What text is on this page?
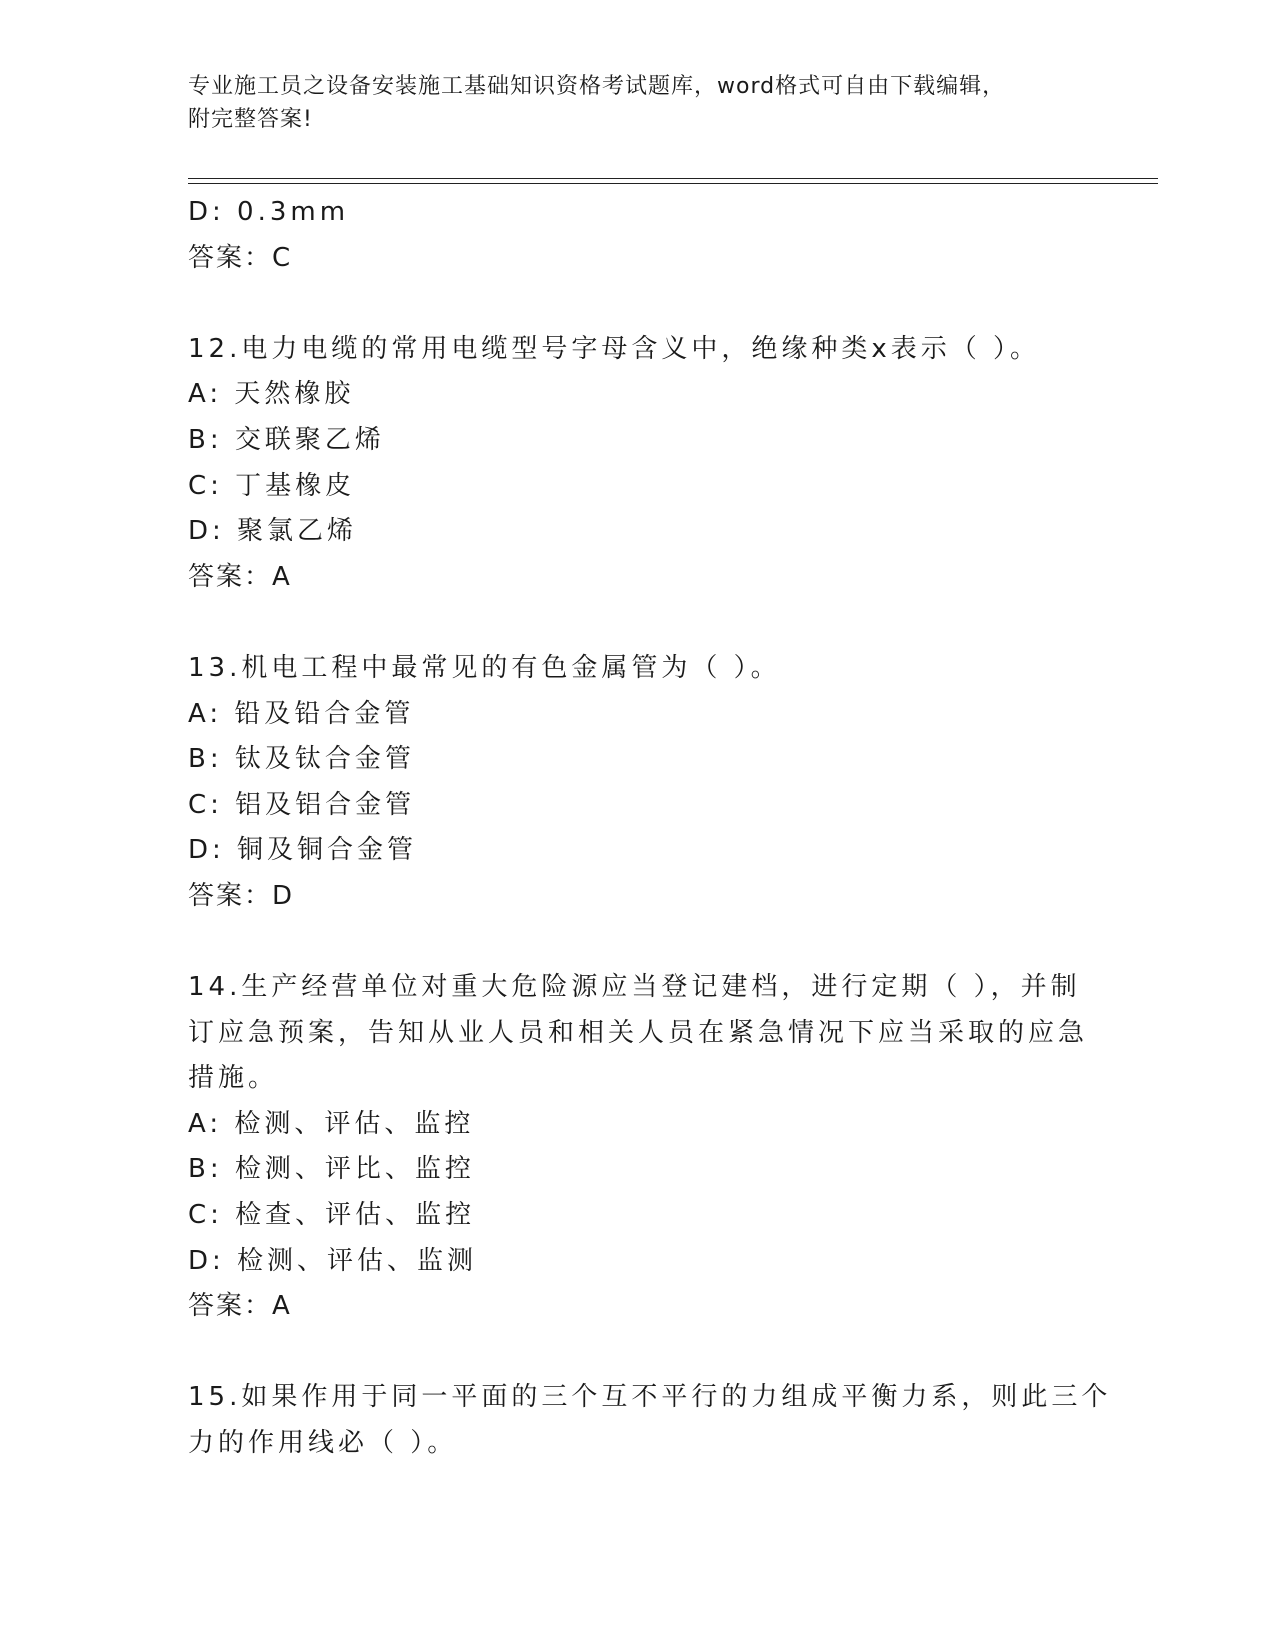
专业施工员之设备安装施工基础知识资格考试题库，word格式可自由下载编辑，
附完整答案!
D: 0.3mm
答案：C
12.电力电缆的常用电缆型号字母含义中，绝缘种类x表示（ ）。
A: 天然橡胶
B: 交联聚乙烯
C: 丁基橡皮
D: 聚氯乙烯
答案：A
13.机电工程中最常见的有色金属管为（ ）。
A: 铅及铅合金管
B: 钛及钛合金管
C: 铝及铝合金管
D: 铜及铜合金管
答案：D
14.生产经营单位对重大危险源应当登记建档，进行定期（ ），并制
订应急预案，告知从业人员和相关人员在紧急情况下应当采取的应急
措施。
A: 检测、评估、监控
B: 检测、评比、监控
C: 检查、评估、监控
D: 检测、评估、监测
答案：A
15.如果作用于同一平面的三个互不平行的力组成平衡力系，则此三个
力的作用线必（ ）。
